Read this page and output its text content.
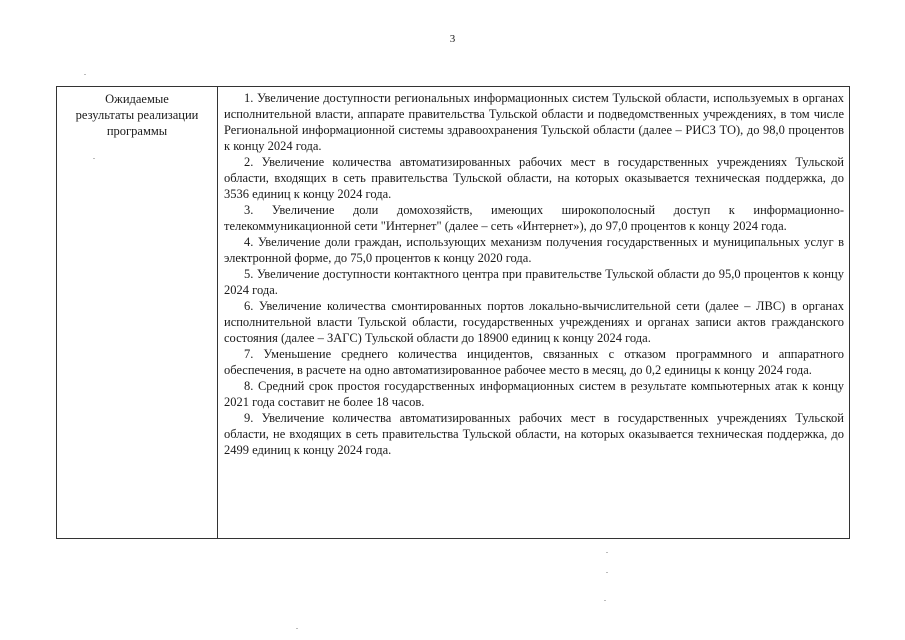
3
Ожидаемые
результаты реализации
программы

1. Увеличение доступности региональных информационных систем Тульской области, используемых в органах исполнительной власти, аппарате правительства Тульской области и подведомственных учреждениях, в том числе Региональной информационной системы здравоохранения Тульской области (далее – РИСЗ ТО), до 98,0 процентов к концу 2024 года.

2. Увеличение количества автоматизированных рабочих мест в государственных учреждениях Тульской области, входящих в сеть правительства Тульской области, на которых оказывается техническая поддержка, до 3536 единиц к концу 2024 года.

3. Увеличение доли домохозяйств, имеющих широкополосный доступ к информационно-телекоммуникационной сети "Интернет" (далее – сеть «Интернет»), до 97,0 процентов к концу 2024 года.

4. Увеличение доли граждан, использующих механизм получения государственных и муниципальных услуг в электронной форме, до 75,0 процентов к концу 2020 года.

5. Увеличение доступности контактного центра при правительстве Тульской области до 95,0 процентов к концу 2024 года.

6. Увеличение количества смонтированных портов локально-вычислительной сети (далее – ЛВС) в органах исполнительной власти Тульской области, государственных учреждениях и органах записи актов гражданского состояния (далее – ЗАГС) Тульской области до 18900 единиц к концу 2024 года.

7. Уменьшение среднего количества инцидентов, связанных с отказом программного и аппаратного обеспечения, в расчете на одно автоматизированное рабочее место в месяц, до 0,2 единицы к концу 2024 года.

8. Средний срок простоя государственных информационных систем в результате компьютерных атак к концу 2021 года составит не более 18 часов.

9. Увеличение количества автоматизированных рабочих мест в государственных учреждениях Тульской области, не входящих в сеть правительства Тульской области, на которых оказывается техническая поддержка, до 2499 единиц к концу 2024 года.
